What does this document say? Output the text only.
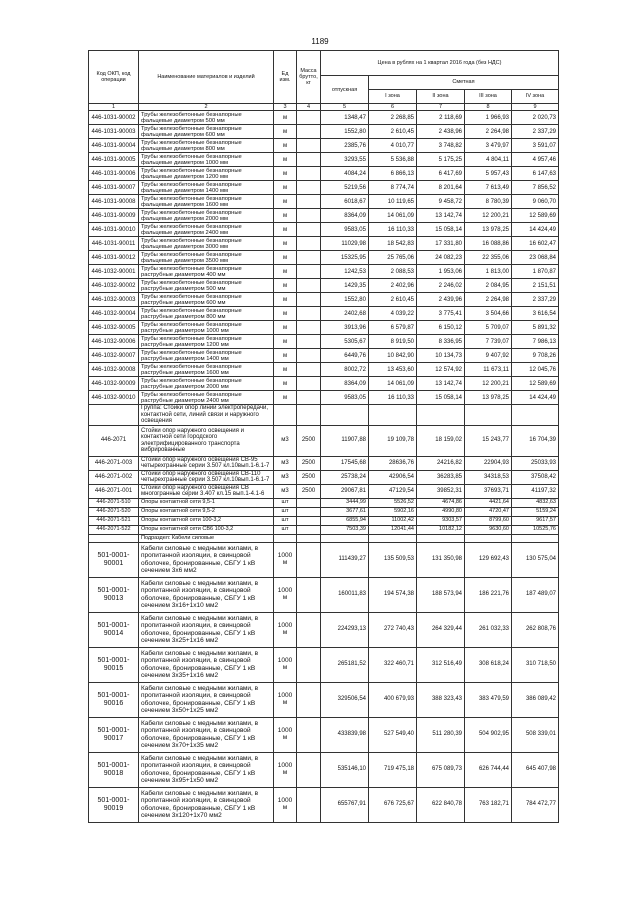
1189
Код ОКП, код операции	Наименование материалов и изделий	Ед изм.	Масса брутто, кг	Цена в рублях на 1 квартал 2016 года (без НДС)					
				отпускная	Сметная				
					I зона	II зона	III зона	IV зона	

1	2	3	4	5	6	7	8	9	
446-1031-90002	Трубы железобетонные безнапорные фальцевые диаметром 500 мм	м		1348,47	2 268,85	2 118,69	1 966,93	2 020,73	
446-1031-90003	Трубы железобетонные безнапорные фальцевые диаметром 600 мм	м		1552,80	2 610,45	2 438,96	2 264,98	2 337,29	
446-1031-90004	Трубы железобетонные безнапорные фальцевые диаметром 800 мм	м		2385,76	4 010,77	3 748,82	3 479,97	3 591,07	
446-1031-90005	Трубы железобетонные безнапорные фальцевые диаметром 1000 мм	м		3293,55	5 536,88	5 175,25	4 804,11	4 957,46	
446-1031-90006	Трубы железобетонные безнапорные фальцевые диаметром 1200 мм	м		4084,24	6 866,13	6 417,69	5 957,43	6 147,63	
446-1031-90007	Трубы железобетонные безнапорные фальцевые диаметром 1400 мм	м		5219,56	8 774,74	8 201,64	7 613,49	7 856,52	
446-1031-90008	Трубы железобетонные безнапорные фальцевые диаметром 1600 мм	м		6018,67	10 119,65	9 458,72	8 780,39	9 060,70	
446-1031-90009	Трубы железобетонные безнапорные фальцевые диаметром 2000 мм	м		8364,09	14 061,09	13 142,74	12 200,21	12 589,69	
446-1031-90010	Трубы железобетонные безнапорные фальцевые диаметром 2400 мм	м		9583,05	16 110,33	15 058,14	13 978,25	14 424,49	
446-1031-90011	Трубы железобетонные безнапорные фальцевые диаметром 3000 мм	м		11029,98	18 542,83	17 331,80	16 088,86	16 602,47	
446-1031-90012	Трубы железобетонные безнапорные фальцевые диаметром 3500 мм	м		15325,95	25 765,06	24 082,23	22 355,06	23 068,84	
446-1032-90001	Трубы железобетонные безнапорные раструбные диаметром 400 мм	м		1242,53	2 088,53	1 953,06	1 813,00	1 870,87	
446-1032-90002	Трубы железобетонные безнапорные раструбные диаметром 500 мм	м		1429,35	2 402,96	2 246,02	2 084,95	2 151,51	
446-1032-90003	Трубы железобетонные безнапорные раструбные диаметром 600 мм	м		1552,80	2 610,45	2 439,96	2 264,98	2 337,29	
446-1032-90004	Трубы железобетонные безнапорные раструбные диаметром 800 мм	м		2402,68	4 039,22	3 775,41	3 504,66	3 616,54	
446-1032-90005	Трубы железобетонные безнапорные раструбные диаметром 1000 мм	м		3913,96	6 579,87	6 150,12	5 709,07	5 891,32	
446-1032-90006	Трубы железобетонные безнапорные раструбные диаметром 1200 мм	м		5305,67	8 919,50	8 336,95	7 739,07	7 986,13	
446-1032-90007	Трубы железобетонные безнапорные раструбные диаметром 1400 мм	м		6449,76	10 842,90	10 134,73	9 407,92	9 708,26	
446-1032-90008	Трубы железобетонные безнапорные раструбные диаметром 1600 мм	м		8002,72	13 453,60	12 574,92	11 673,11	12 045,76	
446-1032-90009	Трубы железобетонные безнапорные раструбные диаметром 2000 мм	м		8364,09	14 061,09	13 142,74	12 200,21	12 589,69	
446-1032-90010	Трубы железобетонные безнапорные раструбные диаметром 2400 мм	м		9583,05	16 110,33	15 058,14	13 978,25	14 424,49	
	Группа: Стойки опор линий электропередачи, контактной сети, линий связи и наружного освещения								
446-2071	Стойки опор наружного освещения и контактной сети городского электрифицированного транспорта вибрированные	м3	2500	11907,88	19 109,78	18 159,02	15 243,77	16 704,39	
446-2071-003	Стойки опор наружного освещения СВ-95 четырехгранные серии 3.507 кл.10вып.1-6.1-7	м3	2500	17545,68	28636,76	24216,82	22904,93	25033,93	
446-2071-002	Стойки опор наружного освещения СВ-110 четырехгранные серии 3.507 кл.10вып.1-6.1-7	м3	2500	25738,24	42906,54	36283,85	34318,53	37508,42	
446-2071-001	Стойки опор наружного освещения СВ многогранные серии 3.407 кл.15 вып.1-4.1-6	м3	2500	29067,81	47129,54	39852,31	37693,71	41197,32	
446-2071-510	Опоры контактной сети 9,5-1	шт		3444,99	5526,52	4674,86	4421,64	4832,63	
446-2071-520	Опоры контактной сети 9,5-2	шт		3677,61	5902,16	4990,80	4720,47	5159,24	
446-2071-521	Опоры контактной сети 100-3,2	шт		6855,94	11002,42	9303,57	8799,60	9617,57	
446-2071-522	Опоры контактной сети СВ6 100-3,2	шт		7503,39	12041,44	10182,12	9630,60	10525,76	
	Подраздел: Кабели силовые								
501-0001-90001	Кабели силовые с медными жилами, в пропитанной изоляции, в свинцовой оболочке, бронированные, СБГУ 1 кВ сечением 3х6 мм2	1000 м		111439,27	135 509,53	131 350,98	129 692,43	130 575,04	
501-0001-90013	Кабели силовые с медными жилами, в пропитанной изоляции, в свинцовой оболочке, бронированные, СБГУ 1 кВ сечением 3х16+1х10 мм2	1000 м		160011,83	194 574,38	188 573,94	186 221,76	187 489,07	
501-0001-90014	Кабели силовые с медными жилами, в пропитанной изоляции, в свинцовой оболочке, бронированные, СБГУ 1 кВ сечением 3х25+1х16 мм2	1000 м		224293,13	272 740,43	264 329,44	261 032,33	262 808,76	
501-0001-90015	Кабели силовые с медными жилами, в пропитанной изоляции, в свинцовой оболочке, бронированные, СБГУ 1 кВ сечением 3х35+1х16 мм2	1000 м		265181,52	322 460,71	312 516,49	308 618,24	310 718,50	
501-0001-90016	Кабели силовые с медными жилами, в пропитанной изоляции, в свинцовой оболочке, бронированные, СБГУ 1 кВ сечением 3х50+1х25 мм2	1000 м		329506,54	400 679,93	388 323,43	383 479,59	386 089,42	
501-0001-90017	Кабели силовые с медными жилами, в пропитанной изоляции, в свинцовой оболочке, бронированные, СБГУ 1 кВ сечением 3х70+1х35 мм2	1000 м		433839,98	527 549,40	511 280,39	504 902,95	508 339,01	
501-0001-90018	Кабели силовые с медными жилами, в пропитанной изоляции, в свинцовой оболочке, бронированные, СБГУ 1 кВ сечением 3х95+1х50 мм2	1000 м		535146,10	719 475,18	675 089,73	626 744,44	645 407,98	
501-0001-90019	Кабели силовые с медными жилами, в пропитанной изоляции, в свинцовой оболочке, бронированные, СБГУ 1 кВ сечением 3х120+1х70 мм2	1000 м		655767,91	676 725,67	622 840,78	763 182,71	784 472,77	
